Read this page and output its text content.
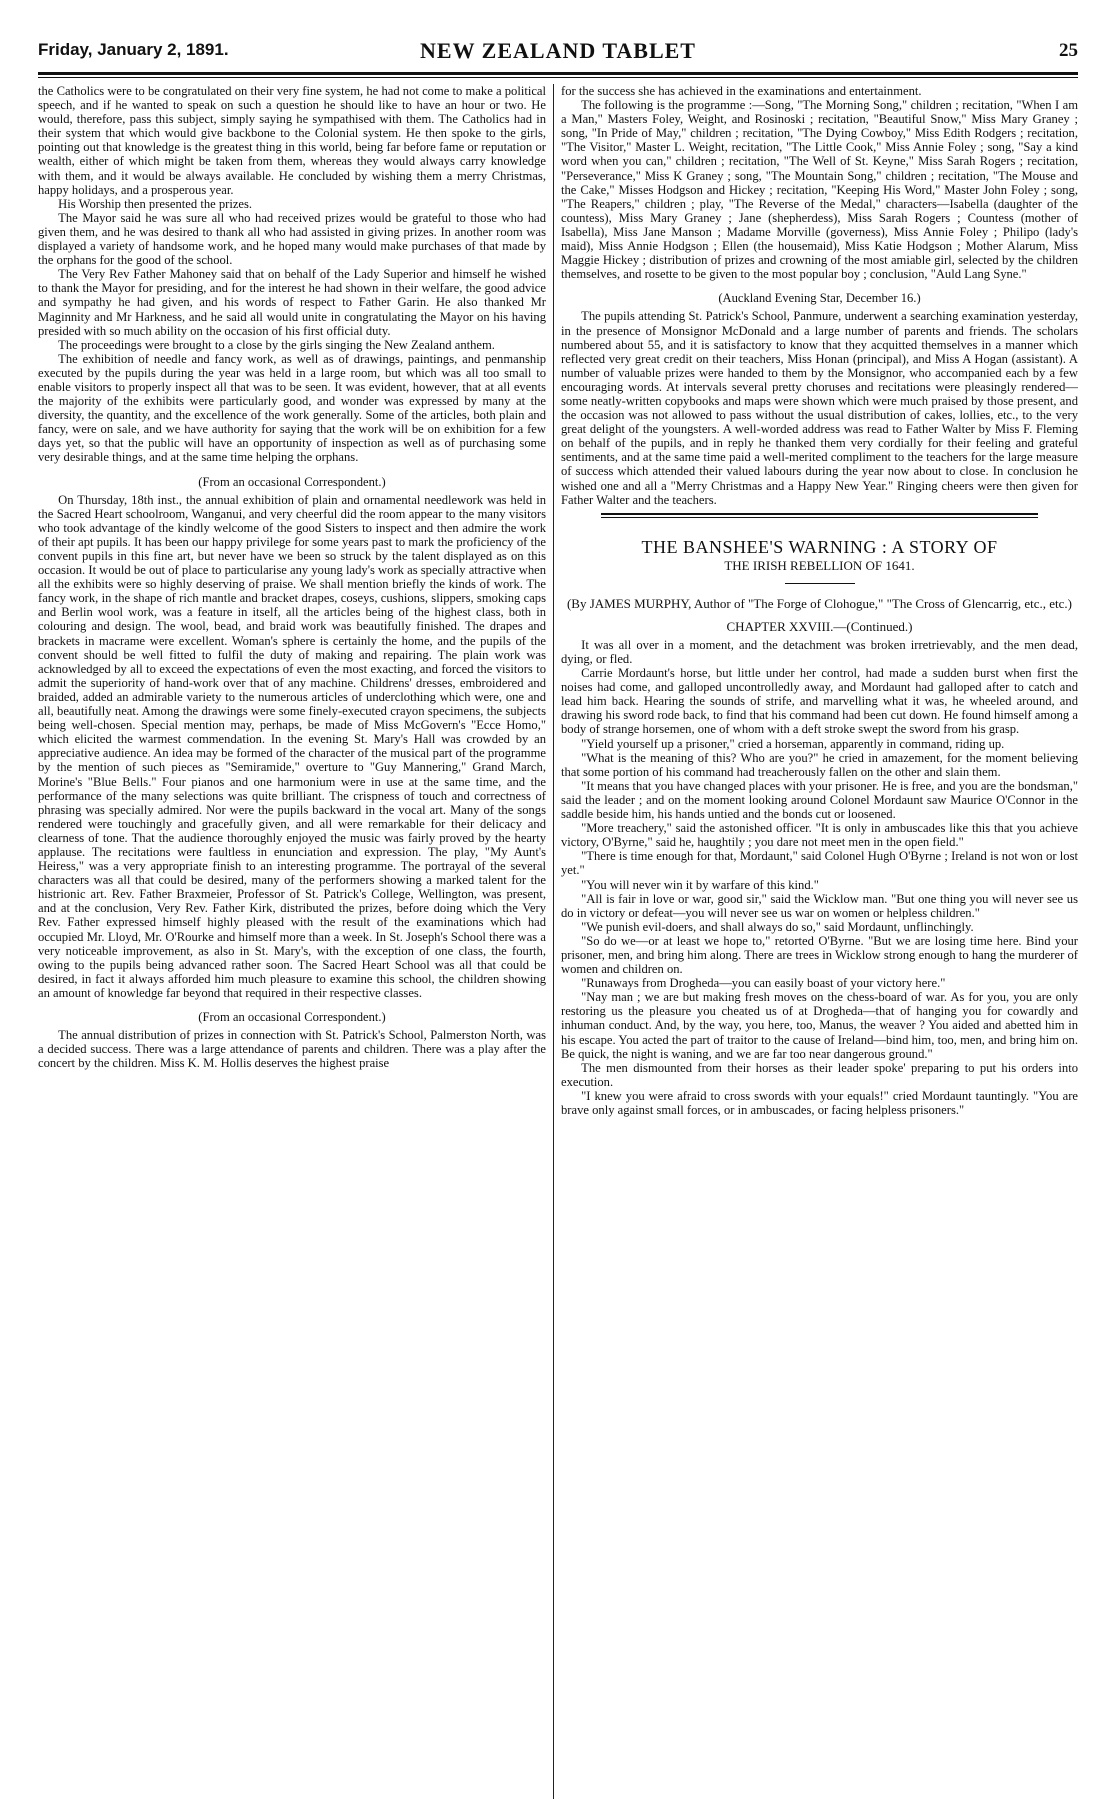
Friday, January 2, 1891.	NEW ZEALAND TABLET	25

the Catholics were to be congratulated on their very fine system, he had not come to make a political speech, and if he wanted to speak on such a question he should like to have an hour or two. He would, therefore, pass this subject, simply saying he sympathised with them. The Catholics had in their system that which would give backbone to the Colonial system. He then spoke to the girls, pointing out that knowledge is the greatest thing in this world, being far before fame or reputation or wealth, either of which might be taken from them, whereas they would always carry knowledge with them, and it would be always available. He concluded by wishing them a merry Christmas, happy holidays, and a prosperous year.

His Worship then presented the prizes.

The Mayor said he was sure all who had received prizes would be grateful to those who had given them, and he was desired to thank all who had assisted in giving prizes. In another room was displayed a variety of handsome work, and he hoped many would make purchases of that made by the orphans for the good of the school.

The Very Rev Father Mahoney said that on behalf of the Lady Superior and himself he wished to thank the Mayor for presiding, and for the interest he had shown in their welfare, the good advice and sympathy he had given, and his words of respect to Father Garin. He also thanked Mr Maginnity and Mr Harkness, and he said all would unite in congratulating the Mayor on his having presided with so much ability on the occasion of his first official duty.

The proceedings were brought to a close by the girls singing the New Zealand anthem.

The exhibition of needle and fancy work, as well as of drawings, paintings, and penmanship executed by the pupils during the year was held in a large room, but which was all too small to enable visitors to properly inspect all that was to be seen. It was evident, however, that at all events the majority of the exhibits were particularly good, and wonder was expressed by many at the diversity, the quantity, and the excellence of the work generally. Some of the articles, both plain and fancy, were on sale, and we have authority for saying that the work will be on exhibition for a few days yet, so that the public will have an opportunity of inspection as well as of purchasing some very desirable things, and at the same time helping the orphans.

(From an occasional Correspondent.)

On Thursday, 18th inst., the annual exhibition of plain and ornamental needlework was held in the Sacred Heart schoolroom, Wanganui, and very cheerful did the room appear to the many visitors who took advantage of the kindly welcome of the good Sisters to inspect and then admire the work of their apt pupils. It has been our happy privilege for some years past to mark the proficiency of the convent pupils in this fine art, but never have we been so struck by the talent displayed as on this occasion. It would be out of place to particularise any young lady's work as specially attractive when all the exhibits were so highly deserving of praise. We shall mention briefly the kinds of work. The fancy work, in the shape of rich mantle and bracket drapes, coseys, cushions, slippers, smoking caps and Berlin wool work, was a feature in itself, all the articles being of the highest class, both in colouring and design. The wool, bead, and braid work was beautifully finished. The drapes and brackets in macrame were excellent. Woman's sphere is certainly the home, and the pupils of the convent should be well fitted to fulfil the duty of making and repairing. The plain work was acknowledged by all to exceed the expectations of even the most exacting, and forced the visitors to admit the superiority of hand-work over that of any machine. Childrens' dresses, embroidered and braided, added an admirable variety to the numerous articles of underclothing which were, one and all, beautifully neat. Among the drawings were some finely-executed crayon specimens, the subjects being well-chosen. Special mention may, perhaps, be made of Miss McGovern's "Ecce Homo," which elicited the warmest commendation. In the evening St. Mary's Hall was crowded by an appreciative audience. An idea may be formed of the character of the musical part of the programme by the mention of such pieces as "Semiramide," overture to "Guy Mannering," Grand March, Morine's "Blue Bells." Four pianos and one harmonium were in use at the same time, and the performance of the many selections was quite brilliant. The crispness of touch and correctness of phrasing was specially admired. Nor were the pupils backward in the vocal art. Many of the songs rendered were touchingly and gracefully given, and all were remarkable for their delicacy and clearness of tone. That the audience thoroughly enjoyed the music was fairly proved by the hearty applause. The recitations were faultless in enunciation and expression. The play, "My Aunt's Heiress," was a very appropriate finish to an interesting programme. The portrayal of the several characters was all that could be desired, many of the performers showing a marked talent for the histrionic art. Rev. Father Braxmeier, Professor of St. Patrick's College, Wellington, was present, and at the conclusion, Very Rev. Father Kirk, distributed the prizes, before doing which the Very Rev. Father expressed himself highly pleased with the result of the examinations which had occupied Mr. Lloyd, Mr. O'Rourke and himself more than a week. In St. Joseph's School there was a very noticeable improvement, as also in St. Mary's, with the exception of one class, the fourth, owing to the pupils being advanced rather soon. The Sacred Heart School was all that could be desired, in fact it always afforded him much pleasure to examine this school, the children showing an amount of knowledge far beyond that required in their respective classes.

(From an occasional Correspondent.)

The annual distribution of prizes in connection with St. Patrick's School, Palmerston North, was a decided success. There was a large attendance of parents and children. There was a play after the concert by the children. Miss K. M. Hollis deserves the highest praise

for the success she has achieved in the examinations and entertainment.

The following is the programme :—Song, "The Morning Song," children ; recitation, "When I am a Man," Masters Foley, Weight, and Rosinoski ; recitation, "Beautiful Snow," Miss Mary Graney ; song, "In Pride of May," children ; recitation, "The Dying Cowboy," Miss Edith Rodgers ; recitation, "The Visitor," Master L. Weight, recitation, "The Little Cook," Miss Annie Foley ; song, "Say a kind word when you can," children ; recitation, "The Well of St. Keyne," Miss Sarah Rogers ; recitation, "Perseverance," Miss K Graney ; song, "The Mountain Song," children ; recitation, "The Mouse and the Cake," Misses Hodgson and Hickey ; recitation, "Keeping His Word," Master John Foley ; song, "The Reapers," children ; play, "The Reverse of the Medal," characters—Isabella (daughter of the countess), Miss Mary Graney ; Jane (shepherdess), Miss Sarah Rogers ; Countess (mother of Isabella), Miss Jane Manson ; Madame Morville (governess), Miss Annie Foley ; Philipo (lady's maid), Miss Annie Hodgson ; Ellen (the housemaid), Miss Katie Hodgson ; Mother Alarum, Miss Maggie Hickey ; distribution of prizes and crowning of the most amiable girl, selected by the children themselves, and rosette to be given to the most popular boy ; conclusion, "Auld Lang Syne."

(Auckland Evening Star, December 16.)

The pupils attending St. Patrick's School, Panmure, underwent a searching examination yesterday, in the presence of Monsignor McDonald and a large number of parents and friends. The scholars numbered about 55, and it is satisfactory to know that they acquitted themselves in a manner which reflected very great credit on their teachers, Miss Honan (principal), and Miss A Hogan (assistant). A number of valuable prizes were handed to them by the Monsignor, who accompanied each by a few encouraging words. At intervals several pretty choruses and recitations were pleasingly rendered—some neatly-written copybooks and maps were shown which were much praised by those present, and the occasion was not allowed to pass without the usual distribution of cakes, lollies, etc., to the very great delight of the youngsters. A well-worded address was read to Father Walter by Miss F. Fleming on behalf of the pupils, and in reply he thanked them very cordially for their feeling and grateful sentiments, and at the same time paid a well-merited compliment to the teachers for the large measure of success which attended their valued labours during the year now about to close. In conclusion he wished one and all a "Merry Christmas and a Happy New Year." Ringing cheers were then given for Father Walter and the teachers.

THE BANSHEE'S WARNING : A STORY OF

THE IRISH REBELLION OF 1641.

(By JAMES MURPHY, Author of "The Forge of Clohogue," "The Cross of Glencarrig, etc., etc.)

CHAPTER XXVIII.—(Continued.)

It was all over in a moment, and the detachment was broken irretrievably, and the men dead, dying, or fled.

Carrie Mordaunt's horse, but little under her control, had made a sudden burst when first the noises had come, and galloped uncontrolledly away, and Mordaunt had galloped after to catch and lead him back. Hearing the sounds of strife, and marvelling what it was, he wheeled around, and drawing his sword rode back, to find that his command had been cut down. He found himself among a body of strange horsemen, one of whom with a deft stroke swept the sword from his grasp.

"Yield yourself up a prisoner," cried a horseman, apparently in command, riding up.

"What is the meaning of this? Who are you?" he cried in amazement, for the moment believing that some portion of his command had treacherously fallen on the other and slain them.

"It means that you have changed places with your prisoner. He is free, and you are the bondsman," said the leader ; and on the moment looking around Colonel Mordaunt saw Maurice O'Connor in the saddle beside him, his hands untied and the bonds cut or loosened.

"More treachery," said the astonished officer. "It is only in ambuscades like this that you achieve victory, O'Byrne," said he, haughtily ; you dare not meet men in the open field."

"There is time enough for that, Mordaunt," said Colonel Hugh O'Byrne ; Ireland is not won or lost yet."

"You will never win it by warfare of this kind."

"All is fair in love or war, good sir," said the Wicklow man. "But one thing you will never see us do in victory or defeat—you will never see us war on women or helpless children."

"We punish evil-doers, and shall always do so," said Mordaunt, unflinchingly.

"So do we—or at least we hope to," retorted O'Byrne. "But we are losing time here. Bind your prisoner, men, and bring him along. There are trees in Wicklow strong enough to hang the murderer of women and children on.

"Runaways from Drogheda—you can easily boast of your victory here."

"Nay man ; we are but making fresh moves on the chess-board of war. As for you, you are only restoring us the pleasure you cheated us of at Drogheda—that of hanging you for cowardly and inhuman conduct. And, by the way, you here, too, Manus, the weaver ? You aided and abetted him in his escape. You acted the part of traitor to the cause of Ireland—bind him, too, men, and bring him on. Be quick, the night is waning, and we are far too near dangerous ground."

The men dismounted from their horses as their leader spoke' preparing to put his orders into execution.

"I knew you were afraid to cross swords with your equals!" cried Mordaunt tauntingly. "You are brave only against small forces, or in ambuscades, or facing helpless prisoners."
